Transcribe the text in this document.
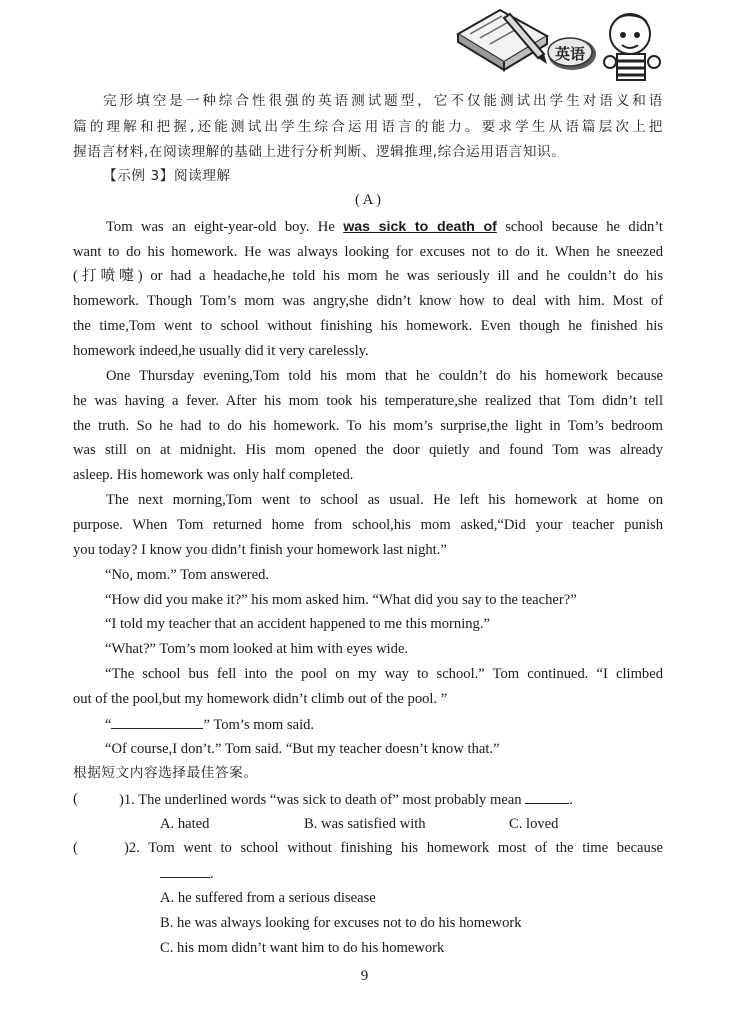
英语
完形填空是一种综合性很强的英语测试题型，它不仅能测试出学生对语义和语
篇的理解和把握,还能测试出学生综合运用语言的能力。要求学生从语篇层次上把
握语言材料,在阅读理解的基础上进行分析判断、逻辑推理,综合运用语言知识。
【示例 3】阅读理解
( A )
Tom was an eight-year-old boy. He was sick to death of school because he didn’t
want to do his homework. He was always looking for excuses not to do it. When he sneezed
(打喷嚏) or had a headache,he told his mom he was seriously ill and he couldn’t do his
homework. Though Tom’s mom was angry,she didn’t know how to deal with him. Most of
the time,Tom went to school without finishing his homework. Even though he finished his
homework indeed,he usually did it very carelessly.
One Thursday evening,Tom told his mom that he couldn’t do his homework because
he was having a fever. After his mom took his temperature,she realized that Tom didn’t tell
the truth. So he had to do his homework. To his mom’s surprise,the light in Tom’s bedroom
was still on at midnight. His mom opened the door quietly and found Tom was already
asleep. His homework was only half completed.
The next morning,Tom went to school as usual. He left his homework at home on
purpose. When Tom returned home from school,his mom asked,“Did your teacher punish
you today? I know you didn’t finish your homework last night.”
“No, mom.” Tom answered.
“How did you make it?” his mom asked him. “What did you say to the teacher?”
“I told my teacher that an accident happened to me this morning.”
“What?” Tom’s mom looked at him with eyes wide.
“The school bus fell into the pool on my way to school.” Tom continued. “I climbed
out of the pool,but my homework didn’t climb out of the pool. ”
“	” Tom’s mom said.
“Of course,I don’t.” Tom said. “But my teacher doesn’t know that.”
根据短文内容选择最佳答案。
(	)1. The underlined words “was sick to death of” most probably mean	.
A. hated	B. was satisfied with	C. loved
(	)2. Tom went to school without finishing his homework most of the time because
.
A. he suffered from a serious disease
B. he was always looking for excuses not to do his homework
C. his mom didn’t want him to do his homework
9
